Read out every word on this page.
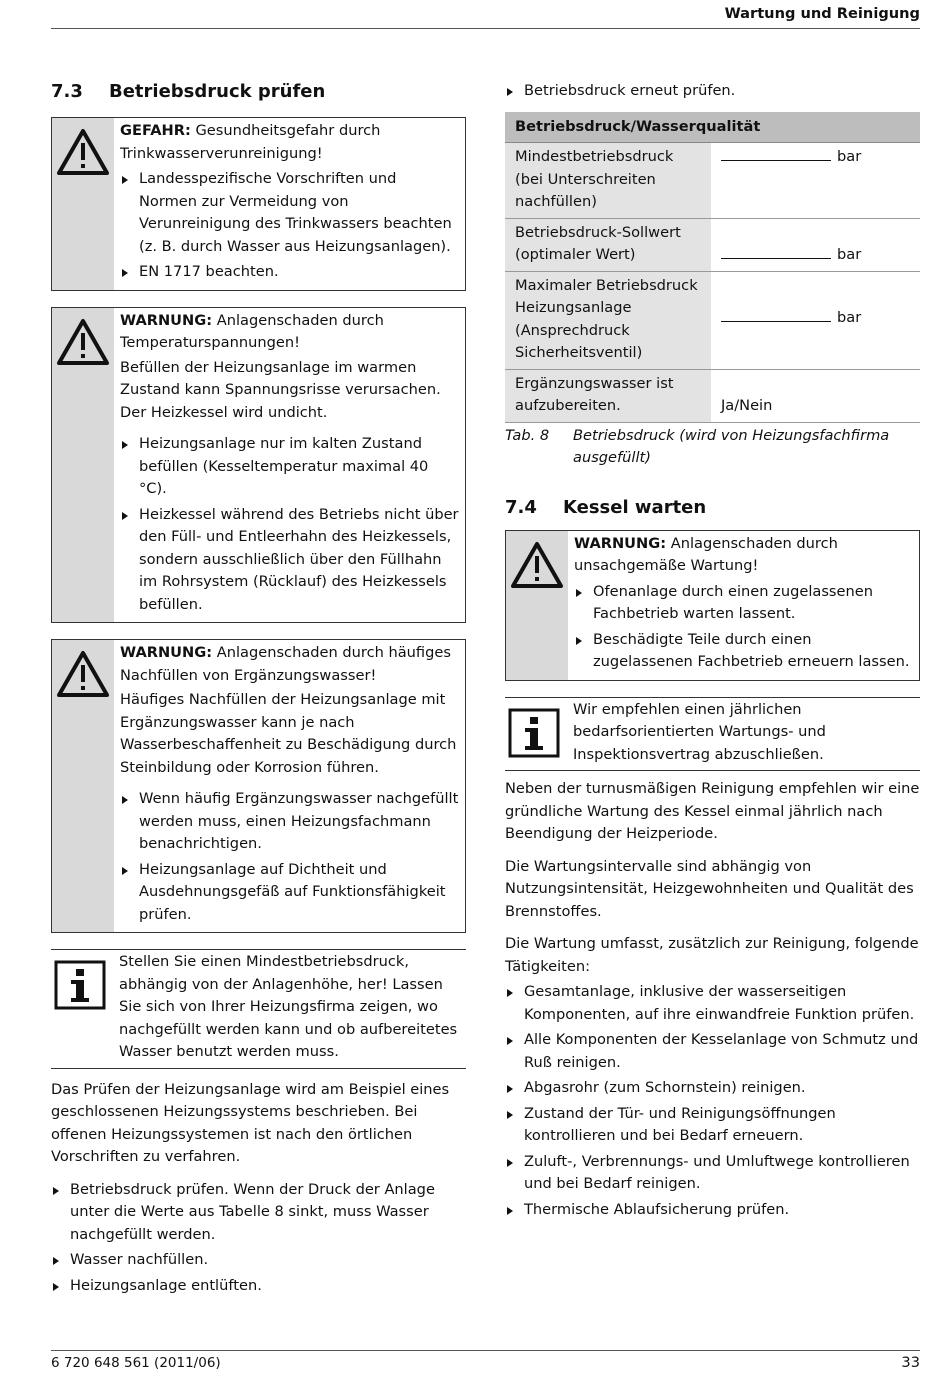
Wartung und Reinigung
7.3	Betriebsdruck prüfen

GEFAHR: Gesundheitsgefahr durch Trinkwasserverunreinigung!

Landesspezifische Vorschriften und Normen zur Vermeidung von Verunreinigung des Trinkwassers beachten (z. B. durch Wasser aus Heizungsanlagen).
EN 1717 beachten.

WARNUNG: Anlagenschaden durch Temperaturspannungen!

Befüllen der Heizungsanlage im warmen Zustand kann Spannungsrisse verursachen. Der Heizkessel wird undicht.

Heizungsanlage nur im kalten Zustand befüllen (Kesseltemperatur maximal 40 °C).
Heizkessel während des Betriebs nicht über den Füll- und Entleerhahn des Heizkessels, sondern ausschließlich über den Füllhahn im Rohrsystem (Rücklauf) des Heizkessels befüllen.

WARNUNG: Anlagenschaden durch häufiges Nachfüllen von Ergänzungswasser!

Häufiges Nachfüllen der Heizungsanlage mit Ergänzungswasser kann je nach Wasserbeschaffenheit zu Beschädigung durch Steinbildung oder Korrosion führen.

Wenn häufig Ergänzungswasser nachgefüllt werden muss, einen Heizungsfachmann benachrichtigen.
Heizungsanlage auf Dichtheit und Ausdehnungsgefäß auf Funktionsfähigkeit prüfen.

Stellen Sie einen Mindestbetriebsdruck, abhängig von der Anlagenhöhe, her! Lassen Sie sich von Ihrer Heizungsfirma zeigen, wo nachgefüllt werden kann und ob aufbereitetes Wasser benutzt werden muss.

Das Prüfen der Heizungsanlage wird am Beispiel eines geschlossenen Heizungssystems beschrieben. Bei offenen Heizungssystemen ist nach den örtlichen Vorschriften zu verfahren.

Betriebsdruck prüfen. Wenn der Druck der Anlage unter die Werte aus Tabelle 8 sinkt, muss Wasser nachgefüllt werden.
Wasser nachfüllen.
Heizungsanlage entlüften.
Betriebsdruck erneut prüfen.
Betriebsdruck/Wasserqualität	
Mindestbetriebsdruck (bei Unterschreiten nachfüllen)	bar
Betriebsdruck-Sollwert (optimaler Wert)	bar
Maximaler Betriebsdruck Heizungsanlage (Ansprechdruck Sicherheitsventil)	bar
Ergänzungswasser ist aufzubereiten.	Ja/Nein
Tab. 8	Betriebsdruck (wird von Heizungsfachfirma ausgefüllt)
7.4	Kessel warten

WARNUNG: Anlagenschaden durch unsachgemäße Wartung!

Ofenanlage durch einen zugelassenen Fachbetrieb warten lassent.
Beschädigte Teile durch einen zugelassenen Fachbetrieb erneuern lassen.

Wir empfehlen einen jährlichen bedarfsorientierten Wartungs- und Inspektionsvertrag abzuschließen.

Neben der turnusmäßigen Reinigung empfehlen wir eine gründliche Wartung des Kessel einmal jährlich nach Beendigung der Heizperiode.

Die Wartungsintervalle sind abhängig von Nutzungsintensität, Heizgewohnheiten und Qualität des Brennstoffes.

Die Wartung umfasst, zusätzlich zur Reinigung, folgende Tätigkeiten:

Gesamtanlage, inklusive der wasserseitigen Komponenten, auf ihre einwandfreie Funktion prüfen.
Alle Komponenten der Kesselanlage von Schmutz und Ruß reinigen.
Abgasrohr (zum Schornstein) reinigen.
Zustand der Tür- und Reinigungsöffnungen kontrollieren und bei Bedarf erneuern.
Zuluft-, Verbrennungs- und Umluftwege kontrollieren und bei Bedarf reinigen.
Thermische Ablaufsicherung prüfen.
6 720 648 561 (2011/06)	33
